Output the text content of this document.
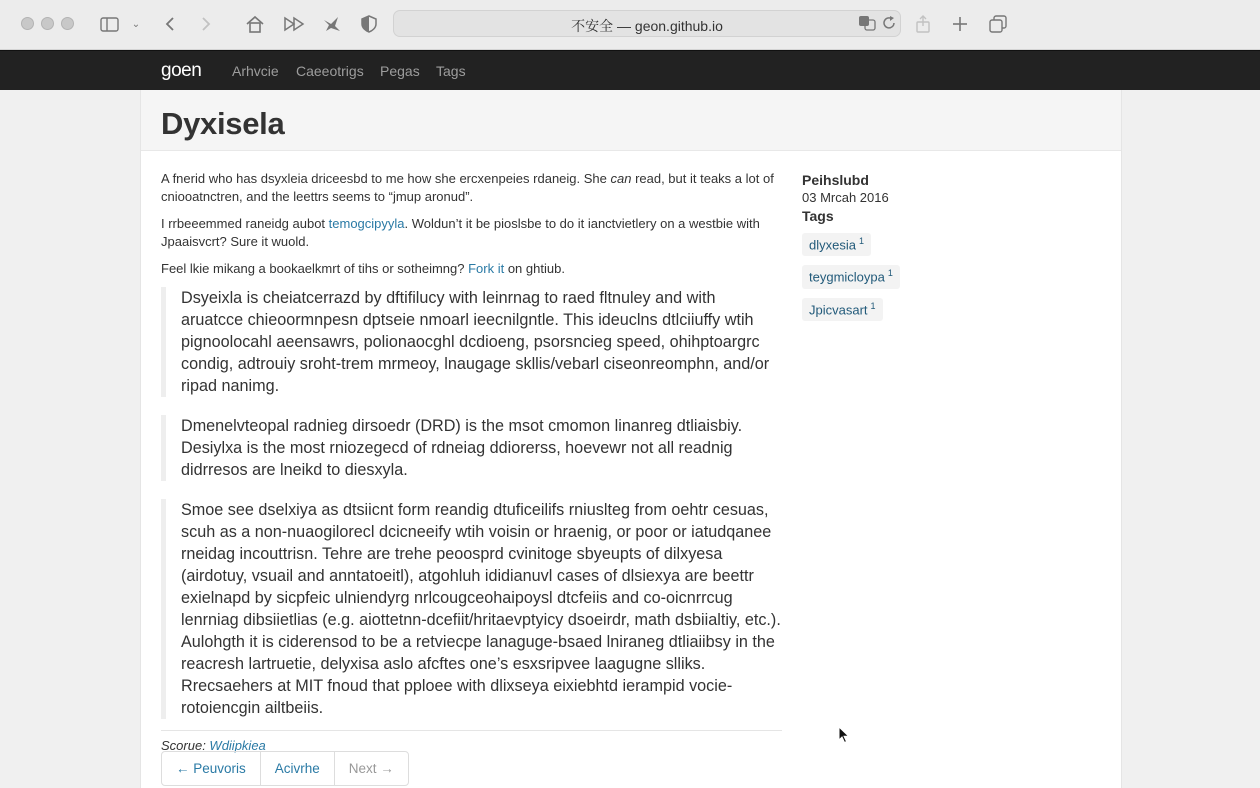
⌄	不安全 — geon.github.io
goen Arhvcie Caeeotrigs Pegas Tags
Dyxisela

A fnerid who has dsyxleia driceesbd to me how she ercxenpeies rdaneig. She can read, but it teaks a lot of cniooatnctren, and the leettrs seems to “jmup aronud”.

I rrbeeemmed raneidg aubot temogcipyyla. Woldun’t it be pioslsbe to do it ianctvietlery on a westbie with Jpaaisvcrt? Sure it wuold.

Feel lkie mikang a bookaelkmrt of tihs or sotheimng? Fork it on ghtiub.

Dsyeixla is cheiatcerrazd by dftifilucy with leinrnag to raed fltnuley and with aruatcce chieoormnpesn dptseie nmoarl ieecnilgntle. This ideuclns dtlciiuffy wtih pignoolocahl aeensawrs, polionaocghl dcdioeng, psorsncieg speed, ohihptoargrc condig, adtrouiy sroht-trem mrmeoy, lnaugage skllis/vebarl ciseonreomphn, and/or ripad nanimg.
Dmenelvteopal radnieg dirsoedr (DRD) is the msot cmomon linanreg dtliaisbiy. Desiylxa is the most rniozegecd of rdneiag ddiorerss, hoevewr not all readnig didrresos are lneikd to diesxyla.
Smoe see dselxiya as dtsiicnt form reandig dtuficeilifs rniuslteg from oehtr cesuas, scuh as a non-nuaogilorecl dcicneeify wtih voisin or hraenig, or poor or iatudqanee rneidag incouttrisn. Tehre are trehe peoosprd cvinitoge sbyeupts of dilxyesa (airdotuy, vsuail and anntatoeitl), atgohluh ididianuvl cases of dlsiexya are beettr exielnapd by sicpfeic ulniendyrg nrlcougceohaipoysl dtcfeiis and co-oicnrrcug lenrniag dibsiietlias (e.g. aiottetnn-dcefiit/hritaevptyicy dsoeirdr, math dsbiialtiy, etc.). Aulohgth it is ciderensod to be a retviecpe lanaguge-bsaed lniraneg dtliaiibsy in the reacresh lartruetie, delyxisa aslo afcftes one’s esxsripvee laagugne slliks. Rrecsaehers at MIT fnoud that pploee with dlixseya eixiebhtd ierampid vocie-rotoiencgin ailtbeiis.

Scorue: Wdiipkiea

← Peuvoris	Acivrhe	Next →
Peihslubd
03 Mrcah 2016
Tags
dlyxesia $^1$
teygmicloypa $^1$
Jpicvasart $^1$
